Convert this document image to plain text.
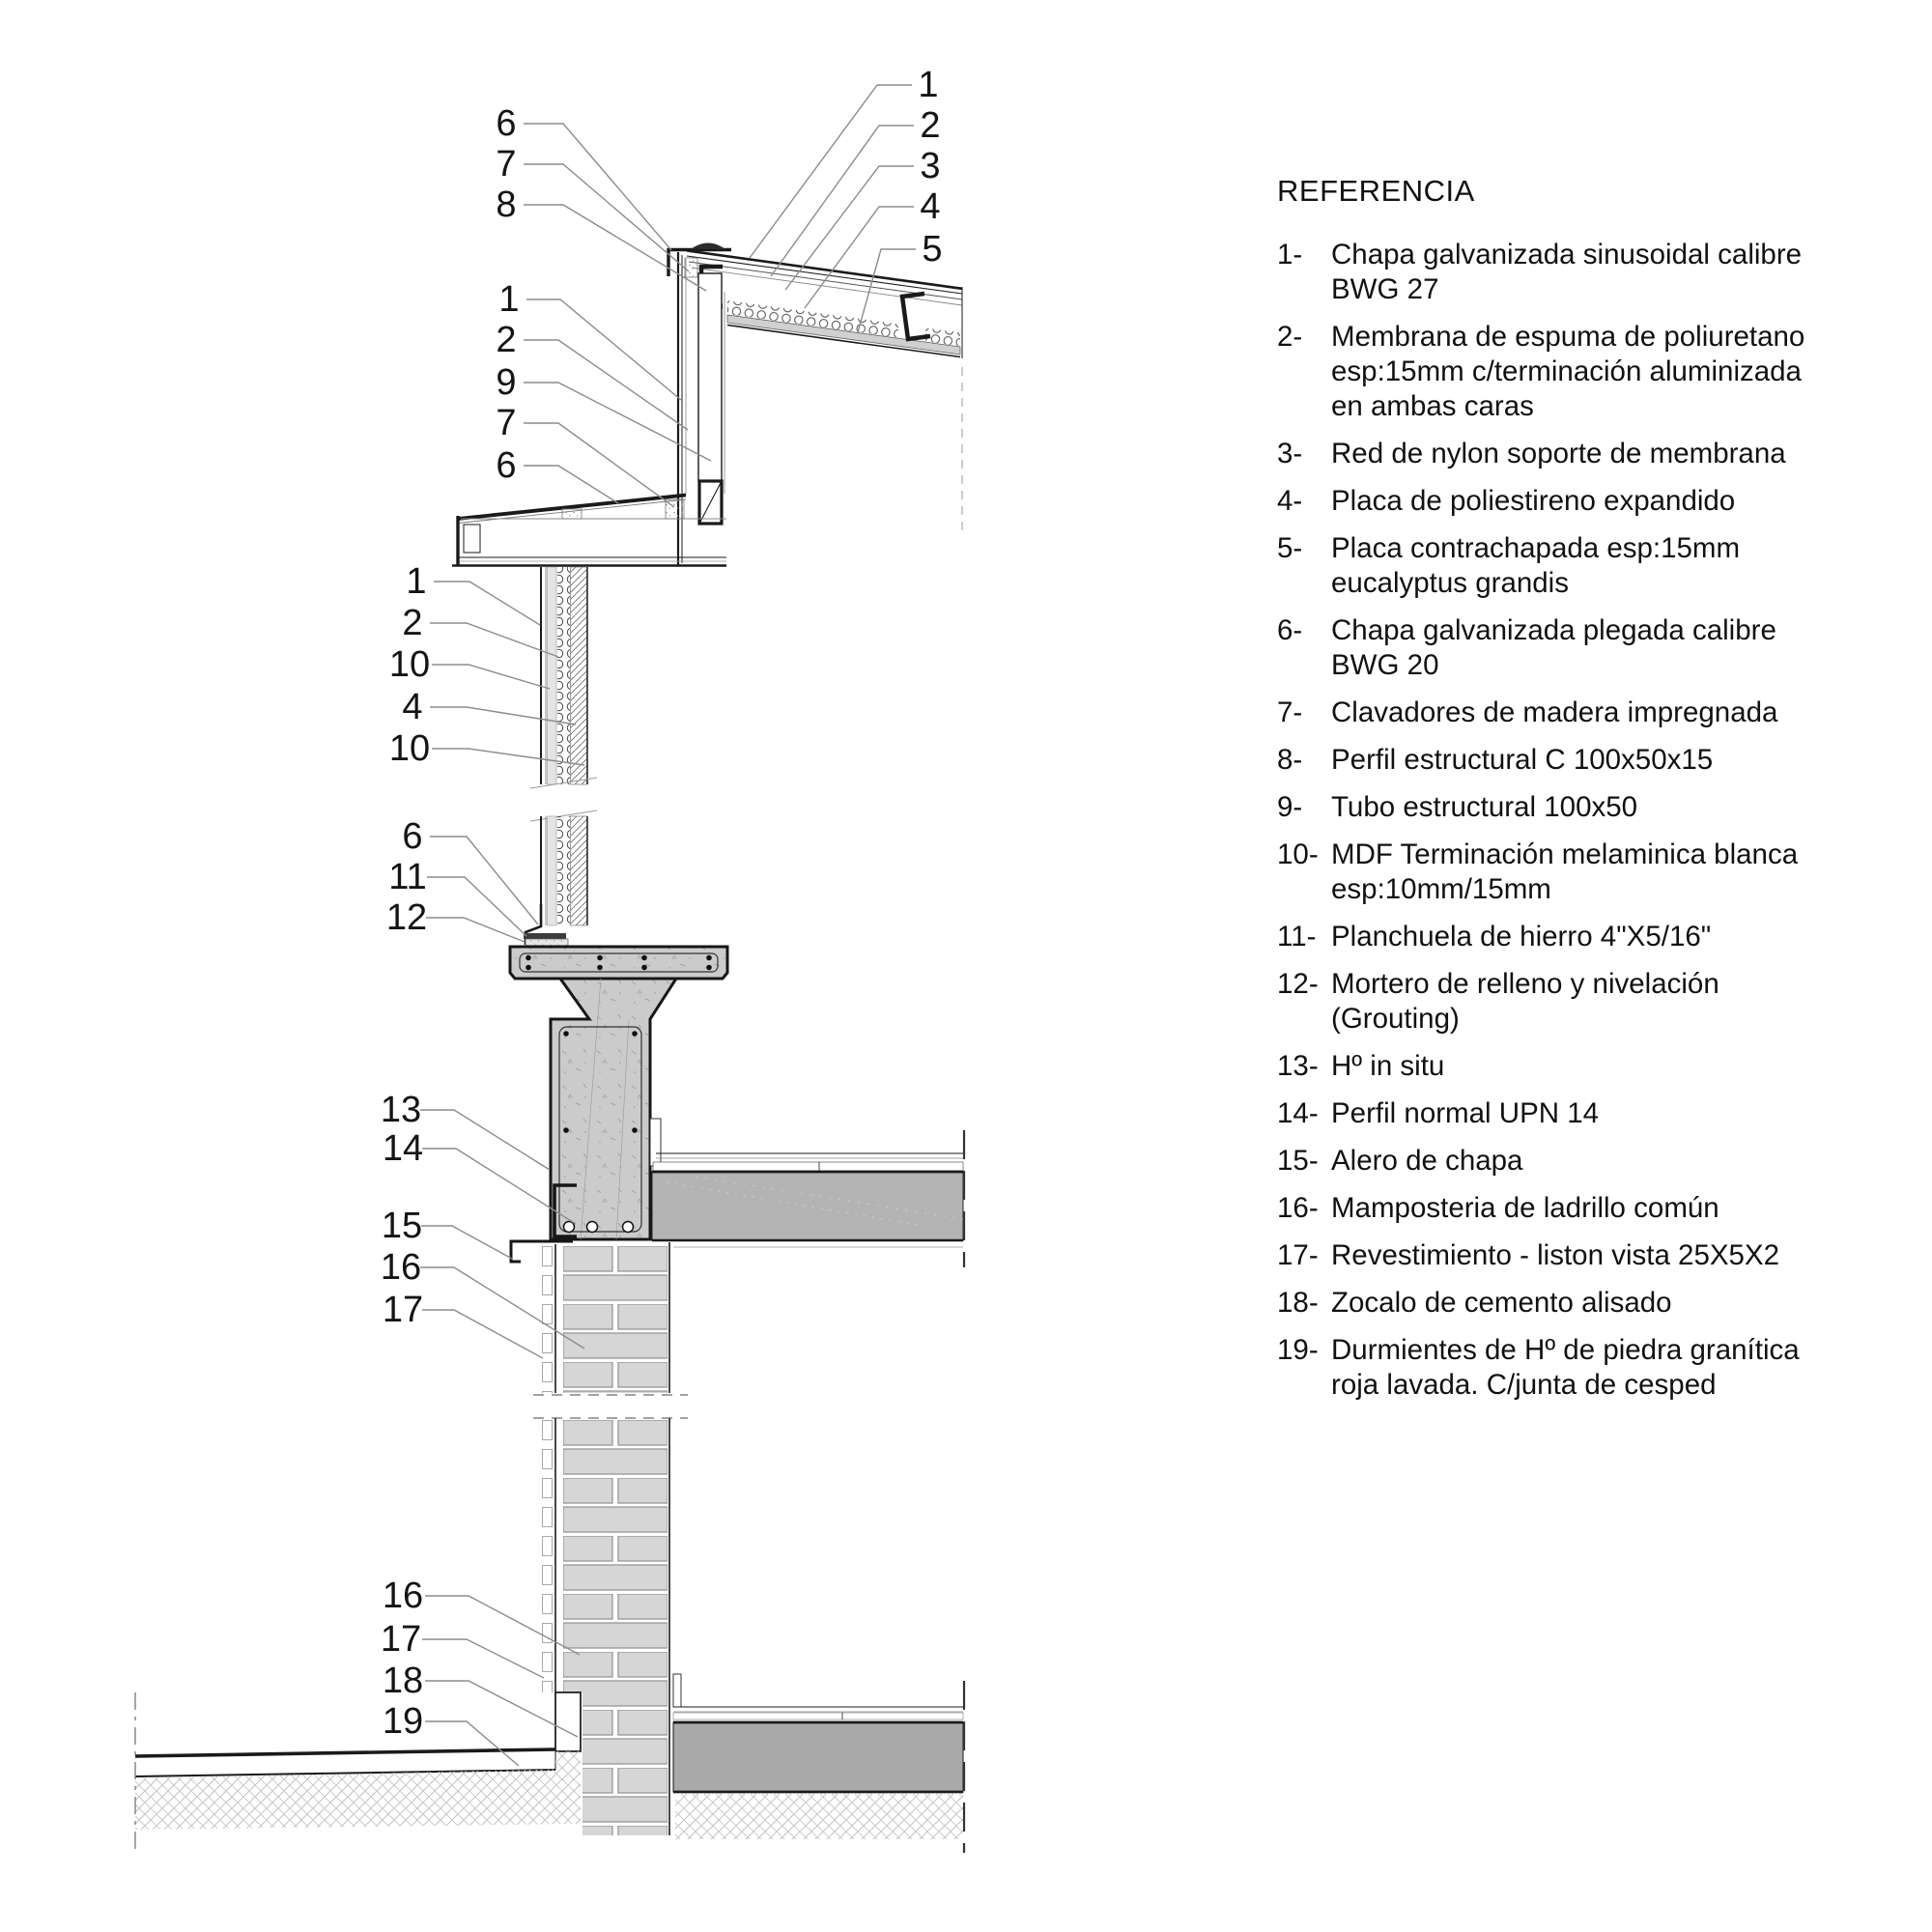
6
7
8
1
2
3
4
5
1
2
9
7
6
1
2
10
4
10
6
11
12
13
14
15
16
17
16
17
18
19
REFERENCIA
1-	Chapa galvanizada sinusoidal calibre BWG 27
2-	Membrana de espuma de poliuretano esp:15mm c/terminación aluminizada en ambas caras
3-	Red de nylon soporte de membrana
4-	Placa de poliestireno expandido
5-	Placa contrachapada esp:15mm eucalyptus grandis
6-	Chapa galvanizada plegada calibre BWG 20
7-	Clavadores de madera impregnada
8-	Perfil estructural C 100x50x15
9-	Tubo estructural 100x50
10- MDF Terminación melaminica blanca esp:10mm/15mm
11- Planchuela de hierro 4"X5/16"
12- Mortero de relleno y nivelación (Grouting)
13- Hº in situ
14- Perfil normal UPN 14
15- Alero de chapa
16- Mamposteria de ladrillo común
17- Revestimiento - liston vista 25X5X2
18- Zocalo de cemento alisado
19- Durmientes de Hº de piedra granítica roja lavada. C/junta de cesped
